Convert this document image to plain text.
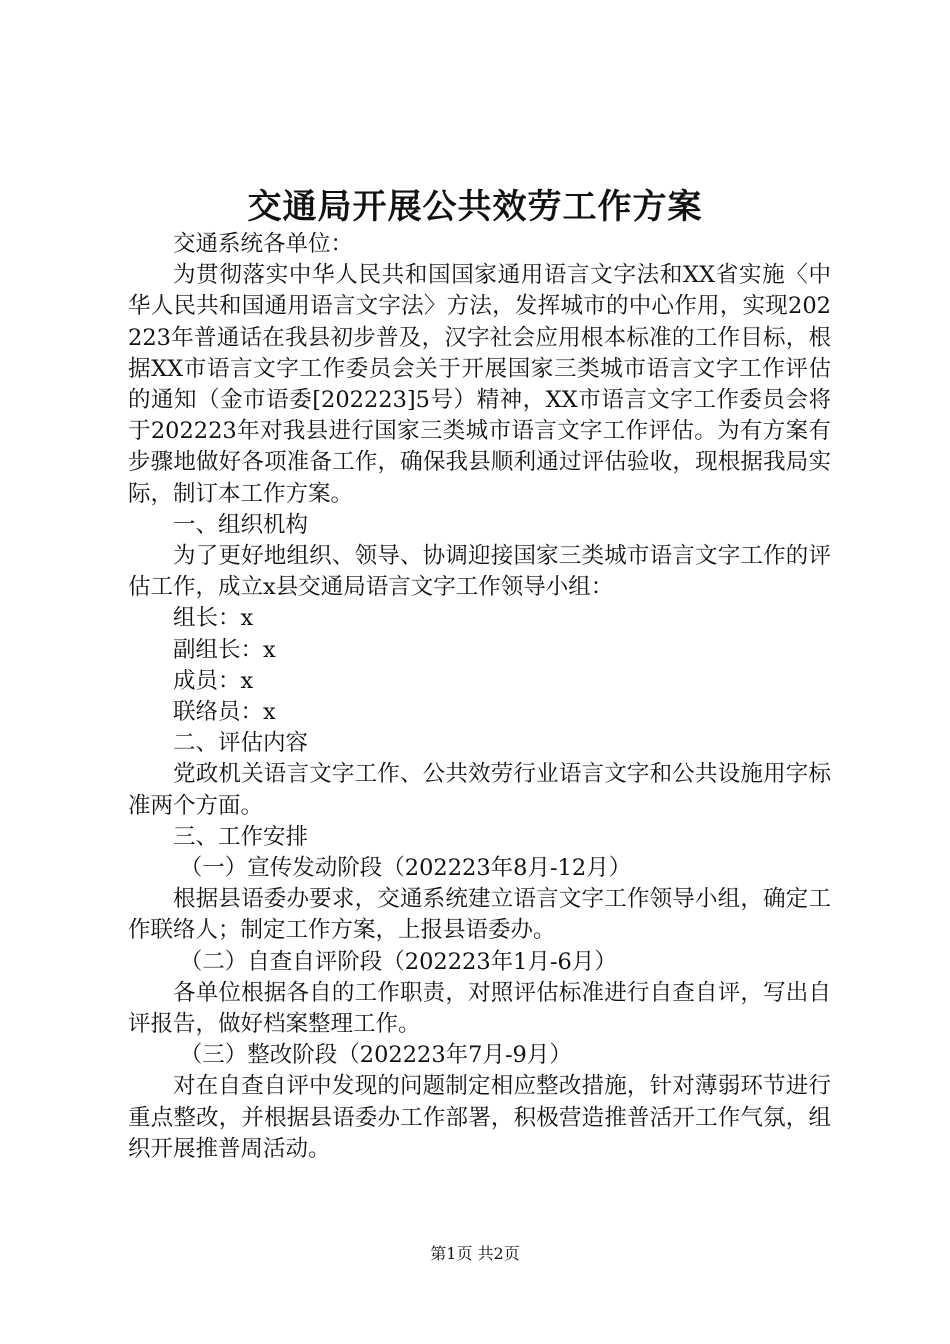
交通局开展公共效劳工作方案

交通系统各单位：

为贯彻落实中华人民共和国国家通用语言文字法和XX省实施〈中华人民共和国通用语言文字法〉方法，发挥城市的中心作用，实现202223年普通话在我县初步普及，汉字社会应用根本标准的工作目标，根据XX市语言文字工作委员会关于开展国家三类城市语言文字工作评估的通知（金市语委[202223]5号）精神，XX市语言文字工作委员会将于202223年对我县进行国家三类城市语言文字工作评估。为有方案有步骤地做好各项准备工作，确保我县顺利通过评估验收，现根据我局实际，制订本工作方案。

一、组织机构

为了更好地组织、领导、协调迎接国家三类城市语言文字工作的评估工作，成立x县交通局语言文字工作领导小组：

组长：x

副组长：x

成员：x

联络员：x

二、评估内容

党政机关语言文字工作、公共效劳行业语言文字和公共设施用字标准两个方面。

三、工作安排

（一）宣传发动阶段（202223年8月-12月）

根据县语委办要求，交通系统建立语言文字工作领导小组，确定工作联络人；制定工作方案，上报县语委办。

（二）自查自评阶段（202223年1月-6月）

各单位根据各自的工作职责，对照评估标准进行自查自评，写出自评报告，做好档案整理工作。

（三）整改阶段（202223年7月-9月）

对在自查自评中发现的问题制定相应整改措施，针对薄弱环节进行重点整改，并根据县语委办工作部署，积极营造推普活开工作气氛，组织开展推普周活动。

第1页 共2页
